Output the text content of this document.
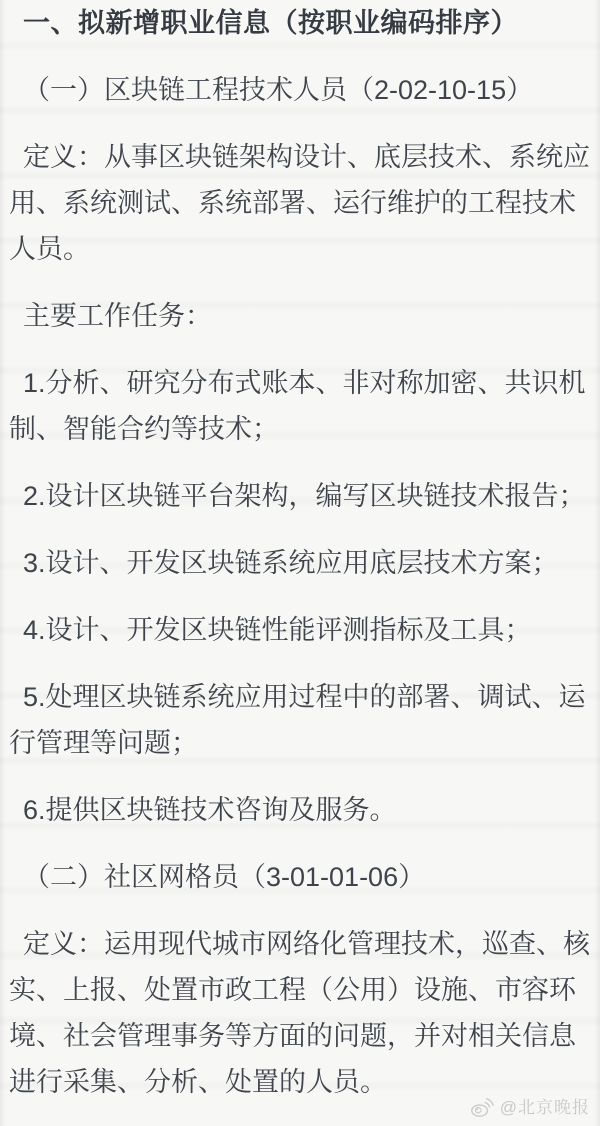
一、拟新增职业信息（按职业编码排序）

（一）区块链工程技术人员（2-02-10-15）

定义：从事区块链架构设计、底层技术、系统应用、系统测试、系统部署、运行维护的工程技术人员。

主要工作任务：

1.分析、研究分布式账本、非对称加密、共识机制、智能合约等技术；

2.设计区块链平台架构，编写区块链技术报告；

3.设计、开发区块链系统应用底层技术方案；

4.设计、开发区块链性能评测指标及工具；

5.处理区块链系统应用过程中的部署、调试、运行管理等问题；

6.提供区块链技术咨询及服务。

（二）社区网格员（3-01-01-06）

定义：运用现代城市网络化管理技术，巡查、核实、上报、处置市政工程（公用）设施、市容环境、社会管理事务等方面的问题，并对相关信息进行采集、分析、处置的人员。

@北京晚报
